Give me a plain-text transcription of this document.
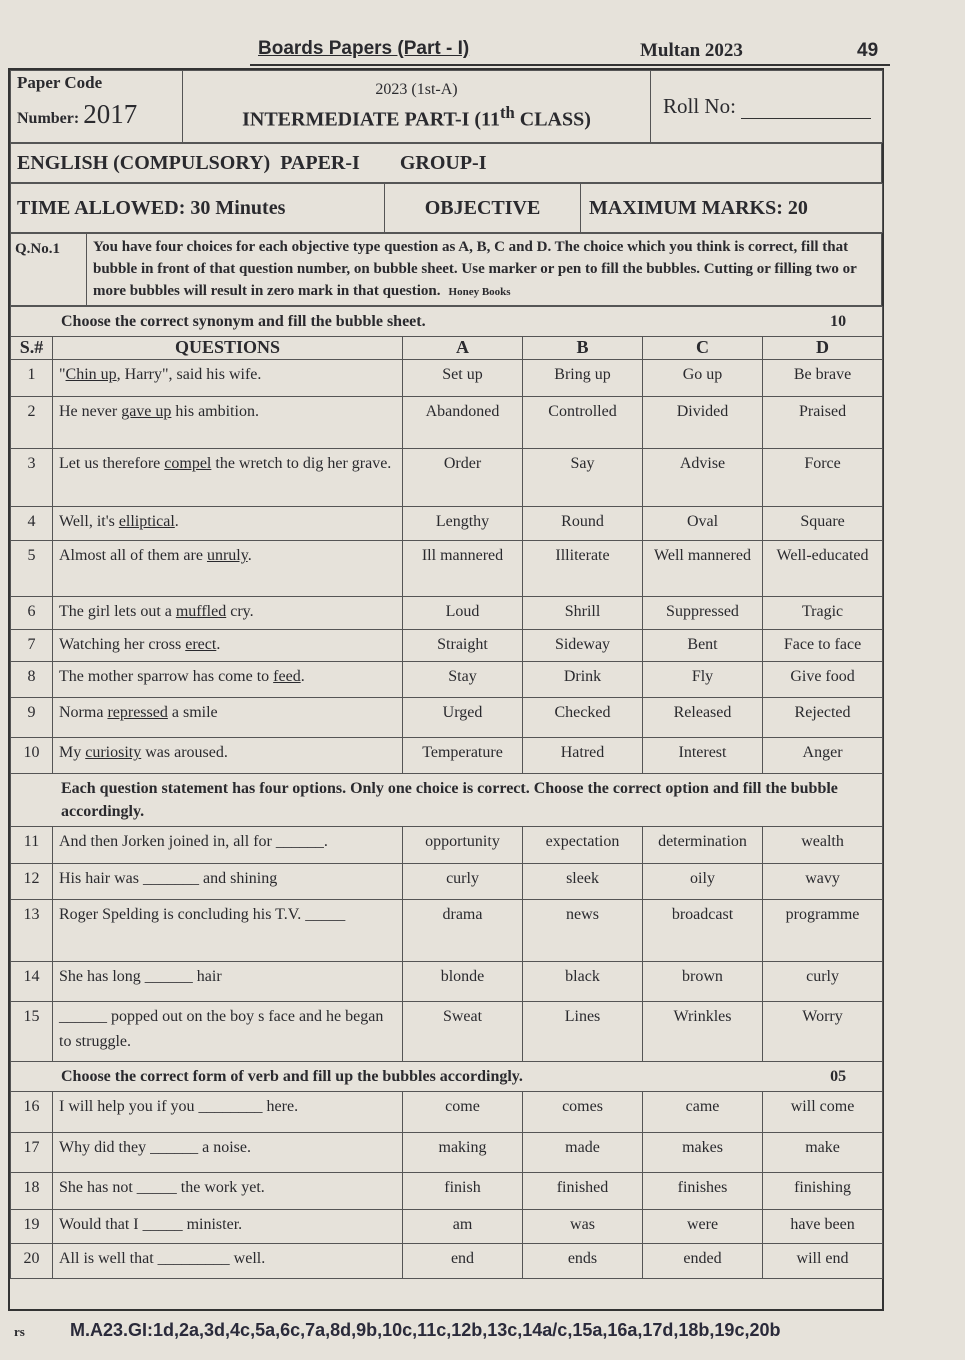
Boards Papers (Part - I)	Multan 2023	49
Paper Code
Number: 2017

2023 (1st-A)
INTERMEDIATE PART-I (11th CLASS)
	Roll No:
ENGLISH (COMPULSORY) PAPER-I GROUP-I
TIME ALLOWED: 30 Minutes	OBJECTIVE	MAXIMUM MARKS: 20
Q.No.1	You have four choices for each objective type question as A, B, C and D. The choice which you think is correct, fill that bubble in front of that question number, on bubble sheet. Use marker or pen to fill the bubbles. Cutting or filling two or more bubbles will result in zero mark in that question. Honey Books
Choose the correct synonym and fill the bubble sheet. 10					

S.#	QUESTIONS	A	B	C	D
1	"Chin up, Harry", said his wife.	Set up	Bring up	Go up	Be brave
2	He never gave up his ambition.	Abandoned	Controlled	Divided	Praised
3	Let us therefore compel the wretch to dig her grave.	Order	Say	Advise	Force
4	Well, it's elliptical.	Lengthy	Round	Oval	Square
5	Almost all of them are unruly.	Ill mannered	Illiterate	Well mannered	Well-educated
6	The girl lets out a muffled cry.	Loud	Shrill	Suppressed	Tragic
7	Watching her cross erect.	Straight	Sideway	Bent	Face to face
8	The mother sparrow has come to feed.	Stay	Drink	Fly	Give food
9	Norma repressed a smile	Urged	Checked	Released	Rejected
10	My curiosity was aroused.	Temperature	Hatred	Interest	Anger
Each question statement has four options. Only one choice is correct. Choose the correct option and fill the bubble accordingly.					
11	And then Jorken joined in, all for ______.	opportunity	expectation	determination	wealth
12	His hair was _______ and shining	curly	sleek	oily	wavy
13	Roger Spelding is concluding his T.V. _____	drama	news	broadcast	programme
14	She has long ______ hair	blonde	black	brown	curly
15	______ popped out on the boy s face and he began to struggle.	Sweat	Lines	Wrinkles	Worry
Choose the correct form of verb and fill up the bubbles accordingly. 05					

16	I will help you if you ________ here.	come	comes	came	will come
17	Why did they ______ a noise.	making	made	makes	make
18	She has not _____ the work yet.	finish	finished	finishes	finishing
19	Would that I _____ minister.	am	was	were	have been
20	All is well that _________ well.	end	ends	ended	will end
rs	M.A23.GI:1d,2a,3d,4c,5a,6c,7a,8d,9b,10c,11c,12b,13c,14a/c,15a,16a,17d,18b,19c,20b
